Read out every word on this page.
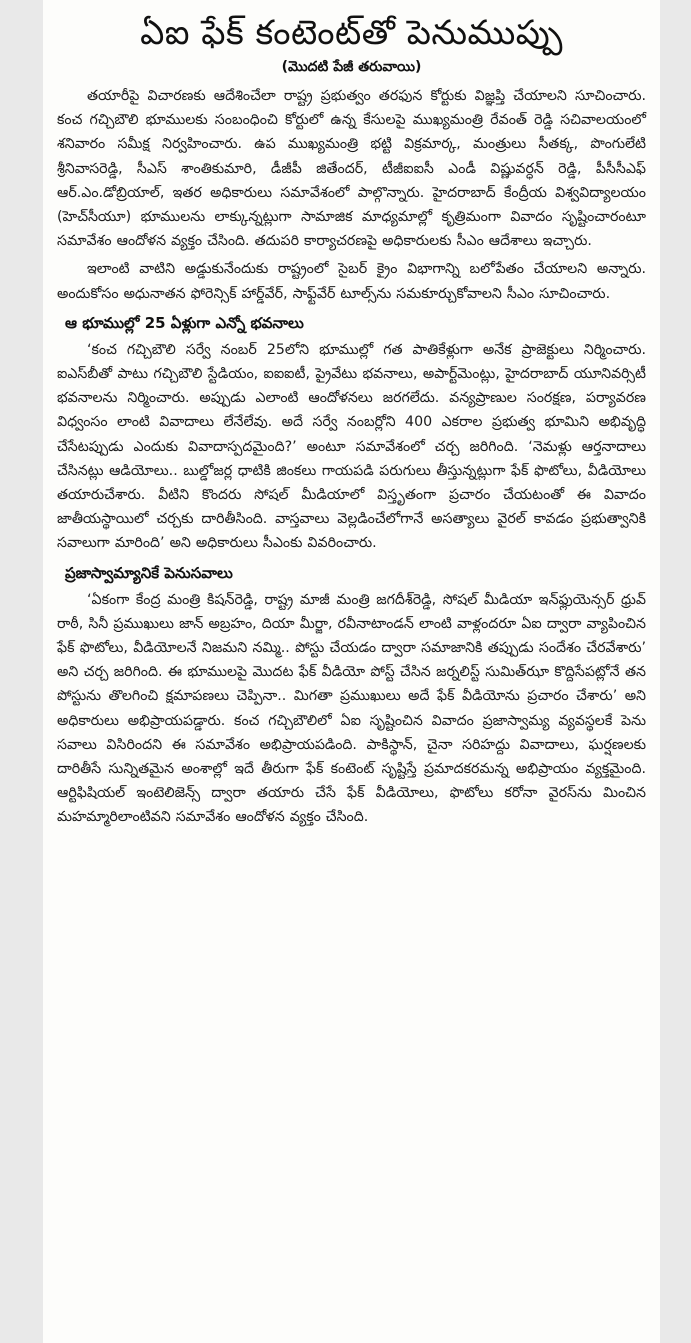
ఏఐ ఫేక్‌ కంటెంట్‌తో పెనుముప్పు
(మొదటి పేజీ తరువాయి)

తయారీపై విచారణకు ఆదేశించేలా రాష్ట్ర ప్రభుత్వం తరఫున కోర్టుకు విజ్ఞప్తి చేయాలని సూచించారు. కంచ గచ్చిబౌలి భూములకు సంబంధించి కోర్టులో ఉన్న కేసులపై ముఖ్యమంత్రి రేవంత్‌ రెడ్డి సచివాలయంలో శనివారం సమీక్ష నిర్వహించారు. ఉప ముఖ్యమంత్రి భట్టి విక్రమార్క, మంత్రులు సీతక్క, పొంగులేటి శ్రీనివాసరెడ్డి, సీఎస్‌ శాంతికుమారి, డీజీపీ జితేందర్‌, టీజీఐఐసీ ఎండీ విష్ణువర్ధన్‌ రెడ్డి, పీసీసీఎఫ్‌ ఆర్‌.ఎం.డోబ్రియాల్‌, ఇతర అధికారులు సమావేశంలో పాల్గొన్నారు. హైదరాబాద్‌ కేంద్రీయ విశ్వవిద్యాలయం (హెచ్‌సీయూ) భూములను లాక్కున్నట్లుగా సామాజిక మాధ్యమాల్లో కృత్రిమంగా వివాదం సృష్టించారంటూ సమావేశం ఆందోళన వ్యక్తం చేసింది. తదుపరి కార్యాచరణపై అధికారులకు సీఎం ఆదేశాలు ఇచ్చారు.

ఇలాంటి వాటిని అడ్డుకునేందుకు రాష్ట్రంలో సైబర్‌ క్రైం విభాగాన్ని బలోపేతం చేయాలని అన్నారు. అందుకోసం అధునాతన ఫోరెన్సిక్‌ హార్డ్‌వేర్‌, సాఫ్ట్‌వేర్‌ టూల్స్‌ను సమకూర్చుకోవాలని సీఎం సూచించారు.

ఆ భూముల్లో 25 ఏళ్లుగా ఎన్నో భవనాలు

‘కంచ గచ్చిబౌలి సర్వే నంబర్‌ 25లోని భూముల్లో గత పాతికేళ్లుగా అనేక ప్రాజెక్టులు నిర్మించారు. ఐఎస్‌బీతో పాటు గచ్చిబౌలి స్టేడియం, ఐఐఐటీ, ప్రైవేటు భవనాలు, అపార్ట్‌మెంట్లు, హైదరాబాద్‌ యూనివర్సిటీ భవనాలను నిర్మించారు. అప్పుడు ఎలాంటి ఆందోళనలు జరగలేదు. వన్యప్రాణుల సంరక్షణ, పర్యావరణ విధ్వంసం లాంటి వివాదాలు లేనేలేవు. అదే సర్వే నంబర్లోని 400 ఎకరాల ప్రభుత్వ భూమిని అభివృద్ధి చేసేటప్పుడు ఎందుకు వివాదాస్పదమైంది?’ అంటూ సమావేశంలో చర్చ జరిగింది. ‘నెమళ్లు ఆర్తనాదాలు చేసినట్లు ఆడియోలు.. బుల్డోజర్ల ధాటికి జింకలు గాయపడి పరుగులు తీస్తున్నట్లుగా ఫేక్‌ ఫొటోలు, వీడియోలు తయారుచేశారు. వీటిని కొందరు సోషల్‌ మీడియాలో విస్తృతంగా ప్రచారం చేయటంతో ఈ వివాదం జాతీయస్థాయిలో చర్చకు దారితీసింది. వాస్తవాలు వెల్లడించేలోగానే అసత్యాలు వైరల్‌ కావడం ప్రభుత్వానికి సవాలుగా మారింది’ అని అధికారులు సీఎంకు వివరించారు.

ప్రజాస్వామ్యానికే పెనుసవాలు

‘ఏకంగా కేంద్ర మంత్రి కిషన్‌రెడ్డి, రాష్ట్ర మాజీ మంత్రి జగదీశ్‌రెడ్డి, సోషల్‌ మీడియా ఇన్‌ఫ్లుయెన్సర్‌ ధ్రువ్‌ రాఠీ, సినీ ప్రముఖులు జాన్‌ అబ్రహం, దియా మీర్జా, రవీనాటాండన్‌ లాంటి వాళ్లందరూ ఏఐ ద్వారా వ్యాపించిన ఫేక్‌ ఫొటోలు, వీడియోలనే నిజమని నమ్మి.. పోస్టు చేయడం ద్వారా సమాజానికి తప్పుడు సందేశం చేరవేశారు’ అని చర్చ జరిగింది. ఈ భూములపై మొదట ఫేక్‌ వీడియో పోస్ట్‌ చేసిన జర్నలిస్ట్‌ సుమిత్‌ఝా కొద్దిసేపట్లోనే తన పోస్టును తొలగించి క్షమాపణలు చెప్పినా.. మిగతా ప్రముఖులు అదే ఫేక్‌ వీడియోను ప్రచారం చేశారు’ అని అధికారులు అభిప్రాయపడ్డారు. కంచ గచ్చిబౌలిలో ఏఐ సృష్టించిన వివాదం ప్రజాస్వామ్య వ్యవస్థలకే పెను సవాలు విసిరిందని ఈ సమావేశం అభిప్రాయపడింది. పాకిస్థాన్‌, చైనా సరిహద్దు వివాదాలు, ఘర్షణలకు దారితీసే సున్నితమైన అంశాల్లో ఇదే తీరుగా ఫేక్‌ కంటెంట్‌ సృష్టిస్తే ప్రమాదకరమన్న అభిప్రాయం వ్యక్తమైంది. ఆర్టిఫిషియల్‌ ఇంటెలిజెన్స్‌ ద్వారా తయారు చేసే ఫేక్‌ వీడియోలు, ఫొటోలు కరోనా వైరస్‌ను మించిన మహమ్మారిలాంటివని సమావేశం ఆందోళన వ్యక్తం చేసింది.
